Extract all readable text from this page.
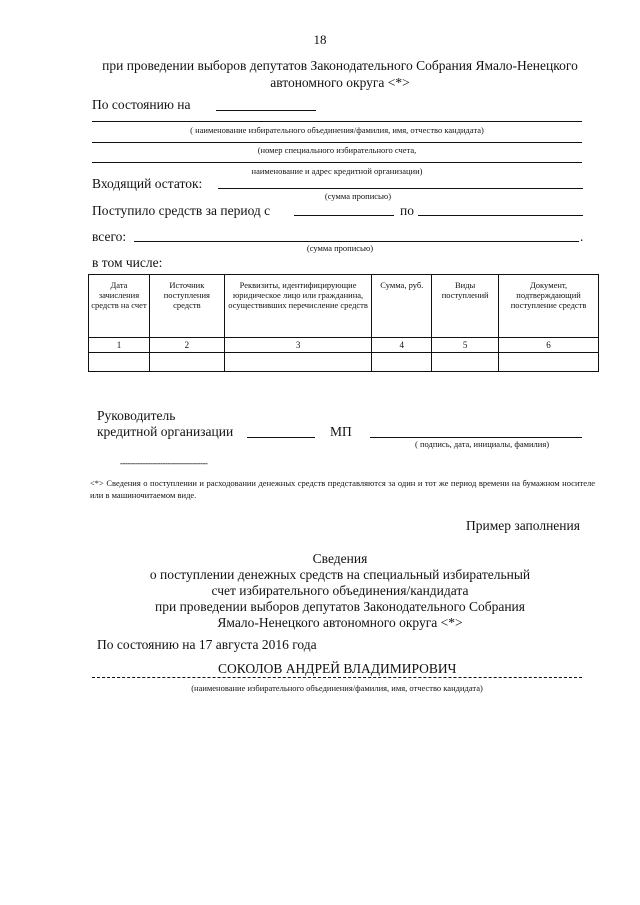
18
при проведении выборов депутатов Законодательного Собрания Ямало-Ненецкого автономного округа <*>
По состоянию на
( наименование избирательного объединения/фамилия, имя, отчество кандидата)
(номер специального избирательного счета,
наименование и адрес кредитной организации)
Входящий остаток:
(сумма прописью)
Поступило средств за период с	по
всего:	.
(сумма прописью)
в том числе:
Дата зачисления средств на счет	Источник поступления средств	Реквизиты, идентифицирующие юридическое лицо или гражданина, осуществивших перечисление средств	Сумма, руб.	Виды поступлений	Документ, подтверждающий поступление средств
1	2	3	4	5	6

Руководитель
кредитной организации	МП
( подпись, дата, инициалы, фамилия)
-----------------------------------
<*> Сведения о поступлении и расходовании денежных средств представляются за один и тот же период времени на бумажном носителе или в машиночитаемом виде.
Пример заполнения
Сведения
о поступлении денежных средств на специальный избирательный
счет избирательного объединения/кандидата
при проведении выборов депутатов Законодательного Собрания
Ямало-Ненецкого автономного округа <*>
По состоянию на 17 августа 2016 года
СОКОЛОВ АНДРЕЙ ВЛАДИМИРОВИЧ
(наименование избирательного объединения/фамилия, имя, отчество кандидата)
